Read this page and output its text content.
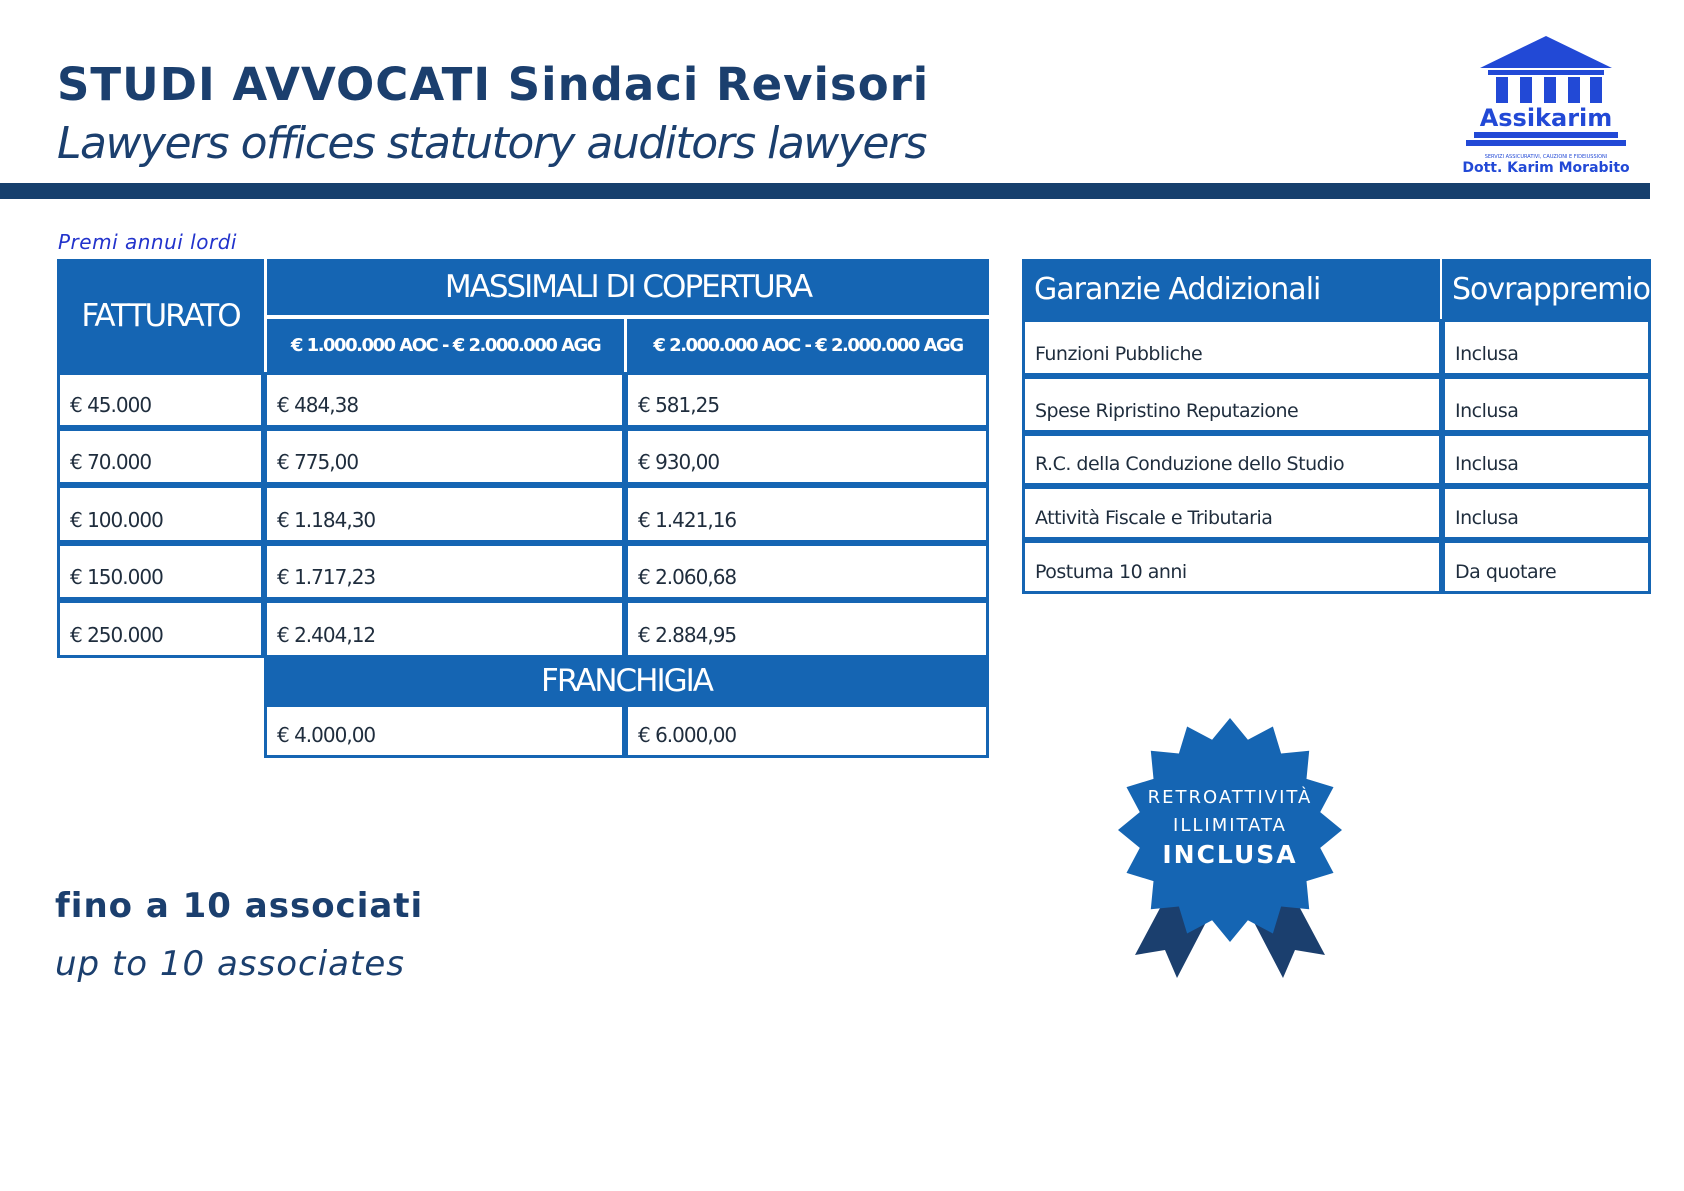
STUDI AVVOCATI Sindaci Revisori
Lawyers offices statutory auditors lawyers	Assikarim
SERVIZI ASSICURATIVI, CAUZIONI E FIDEIUSSIONI
Dott. Karim Morabito
Premi annui lordi
FATTURATO
MASSIMALI DI COPERTURA
€ 1.000.000 AOC - € 2.000.000 AGG	€ 2.000.000 AOC - € 2.000.000 AGG
€ 45.000	€ 484,38	€ 581,25
€ 70.000	€ 775,00	€ 930,00
€ 100.000	€ 1.184,30	€ 1.421,16
€ 150.000	€ 1.717,23	€ 2.060,68
€ 250.000	€ 2.404,12	€ 2.884,95
FRANCHIGIA
€ 4.000,00	€ 6.000,00
Garanzie Addizionali	Sovrappremio
Funzioni Pubbliche	Inclusa
Spese Ripristino Reputazione	Inclusa
R.C. della Conduzione dello Studio	Inclusa
Attività Fiscale e Tributaria	Inclusa
Postuma 10 anni	Da quotare
fino a 10 associati
up to 10 associates
RETROATTIVITÀ
ILLIMITATA
INCLUSA
